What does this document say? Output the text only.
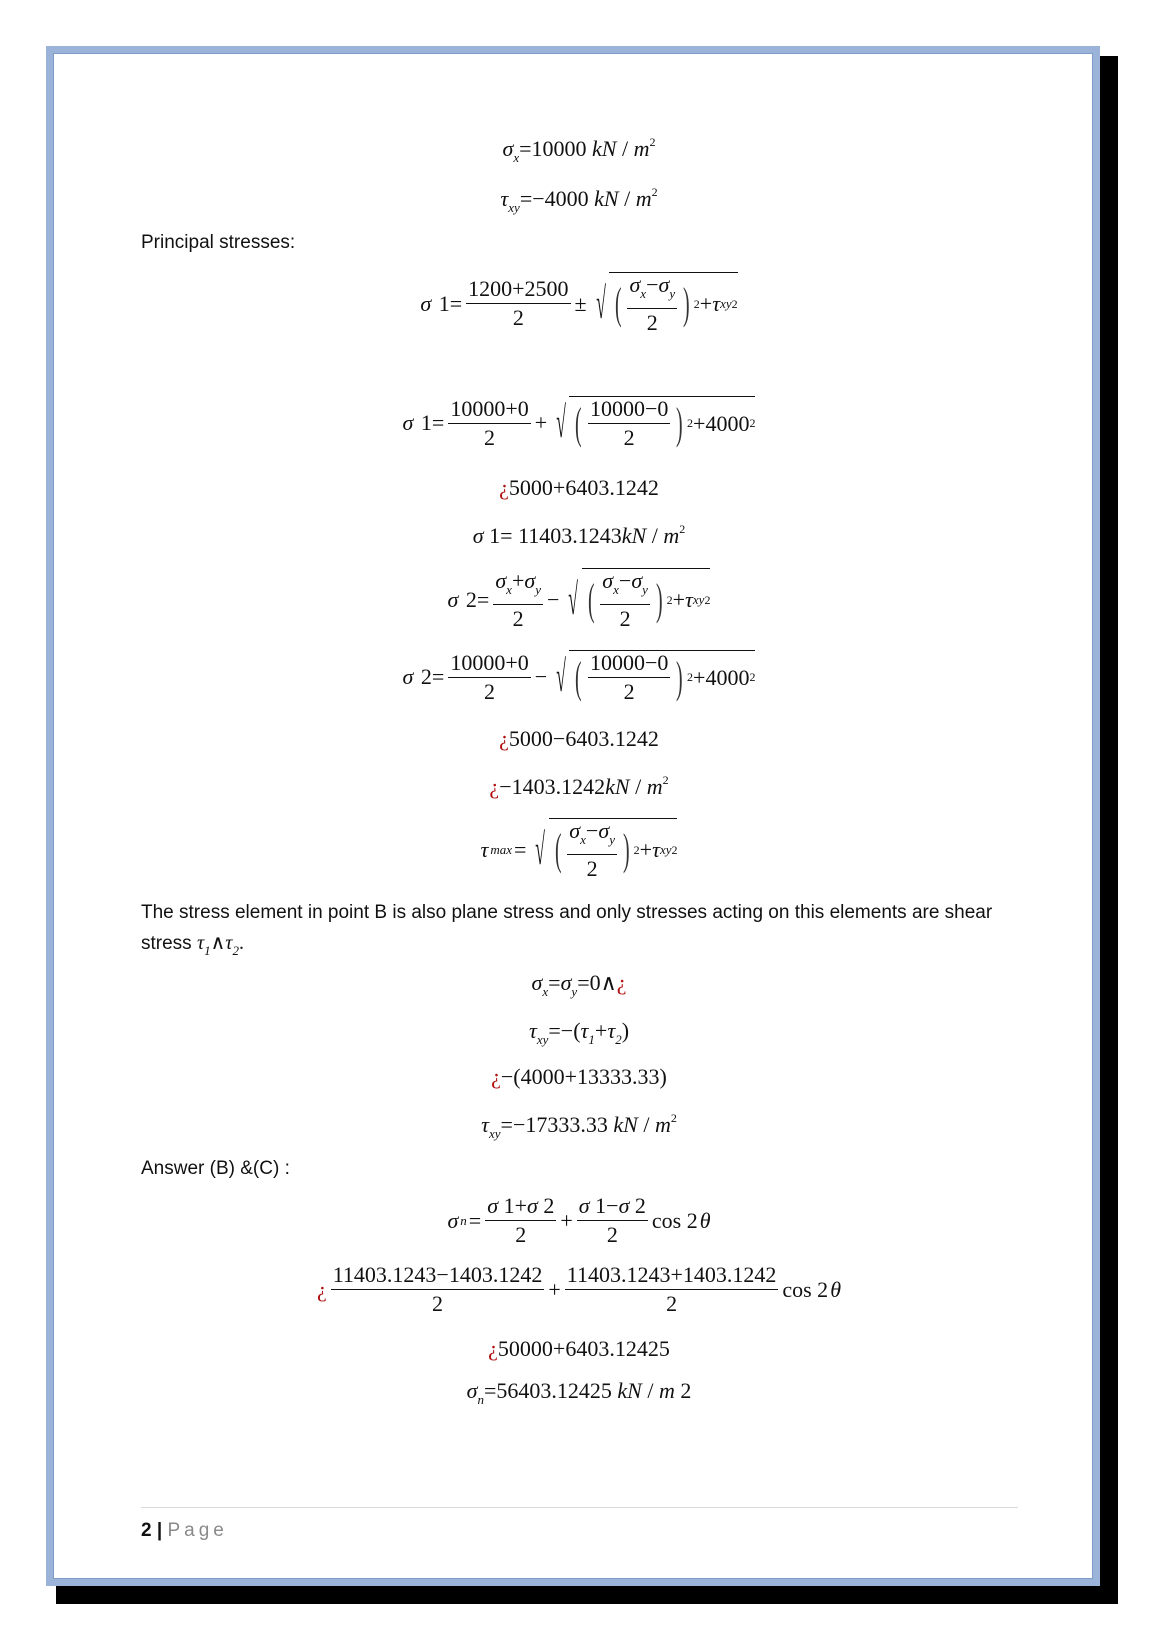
$\sigma_x=10000$ kN / $m^2$
$\tau_{xy}=-4000$ kN / $m^2$
Principal stresses:
σ $1= \frac{1200+2500}{2}$ ± √ ( $\frac{\sigma_x-\sigma_y}{2}$ ) 2 + τ xy 2
σ $1= \frac{10000+0}{2}$ + √ ( $\frac{10000-0}{2}$ ) 2 +4000 2
¿5000+6403.1242
σ $1= 11403.1243kN / m^2$
σ $2= \frac{\sigma_x+\sigma_y}{2}$ − √ ( $\frac{\sigma_x-\sigma_y}{2}$ ) 2 + τ xy 2
σ $2= \frac{10000+0}{2}$ − √ ( $\frac{10000-0}{2}$ ) 2 +4000 2
¿5000−6403.1242
¿$-1403.1242kN / m^2$
τ max = √ ( $\frac{\sigma_x-\sigma_y}{2}$ ) 2 + τ xy 2
The stress element in point B is also plane stress and only stresses acting on this elements are shear
stress $\tau_1\wedge\tau_2$.
$\sigma_x=\sigma_y=0\wedge¿$
$\tau_{xy}=-(\tau_1+\tau_2)$
¿−(4000+13333.33)
$\tau_{xy}=-17333.33$ kN / $m^2$
Answer (B) &(C) :
σ $n = \frac{\sigma 1+\sigma 2}{2} + \frac{\sigma 1-\sigma 2}{2}$ cos 2 θ
¿ $\frac{11403.1243-1403.1242}{2} + \frac{11403.1243+1403.1242}{2}$ cos 2 θ
¿50000+6403.12425
$\sigma_n=56403.12425$ kN / m 2
2 | Page
